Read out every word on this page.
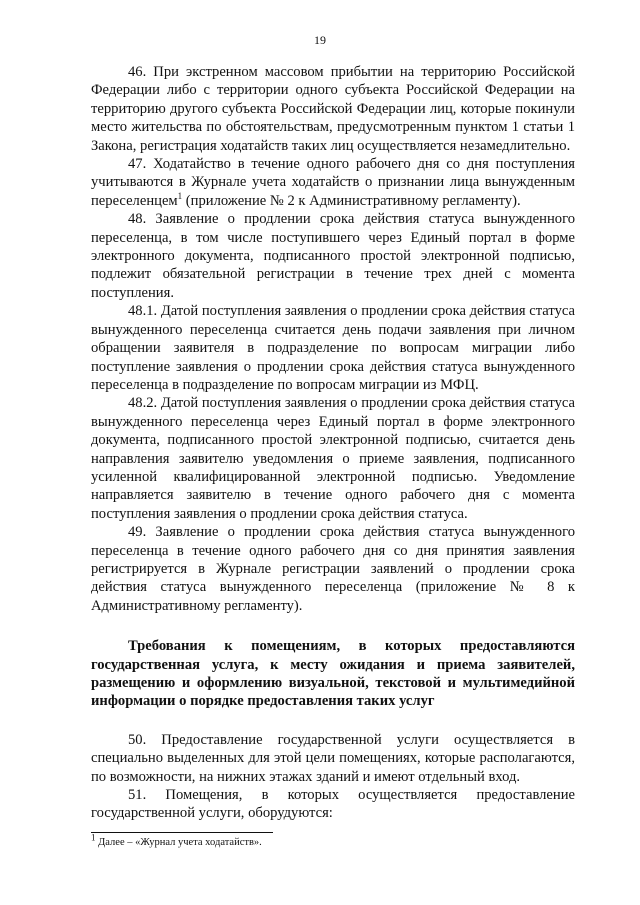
19

46. При экстренном массовом прибытии на территорию Российской Федерации либо с территории одного субъекта Российской Федерации на территорию другого субъекта Российской Федерации лиц, которые покинули место жительства по обстоятельствам, предусмотренным пунктом 1 статьи 1 Закона, регистрация ходатайств таких лиц осуществляется незамедлительно.

47. Ходатайство в течение одного рабочего дня со дня поступления учитываются в Журнале учета ходатайств о признании лица вынужденным переселенцем$^1$ (приложение № 2 к Административному регламенту).

48. Заявление о продлении срока действия статуса вынужденного переселенца, в том числе поступившего через Единый портал в форме электронного документа, подписанного простой электронной подписью, подлежит обязательной регистрации в течение трех дней с момента поступления.

48.1. Датой поступления заявления о продлении срока действия статуса вынужденного переселенца считается день подачи заявления при личном обращении заявителя в подразделение по вопросам миграции либо поступление заявления о продлении срока действия статуса вынужденного переселенца в подразделение по вопросам миграции из МФЦ.

48.2. Датой поступления заявления о продлении срока действия статуса вынужденного переселенца через Единый портал в форме электронного документа, подписанного простой электронной подписью, считается день направления заявителю уведомления о приеме заявления, подписанного усиленной квалифицированной электронной подписью. Уведомление направляется заявителю в течение одного рабочего дня с момента поступления заявления о продлении срока действия статуса.

49. Заявление о продлении срока действия статуса вынужденного переселенца в течение одного рабочего дня со дня принятия заявления регистрируется в Журнале регистрации заявлений о продлении срока действия статуса вынужденного переселенца (приложение № 8 к Административному регламенту).

Требования к помещениям, в которых предоставляются государственная услуга, к месту ожидания и приема заявителей, размещению и оформлению визуальной, текстовой и мультимедийной информации о порядке предоставления таких услуг

50. Предоставление государственной услуги осуществляется в специально выделенных для этой цели помещениях, которые располагаются, по возможности, на нижних этажах зданий и имеют отдельный вход.

51. Помещения, в которых осуществляется предоставление государственной услуги, оборудуются:

$^1$ Далее – «Журнал учета ходатайств».
